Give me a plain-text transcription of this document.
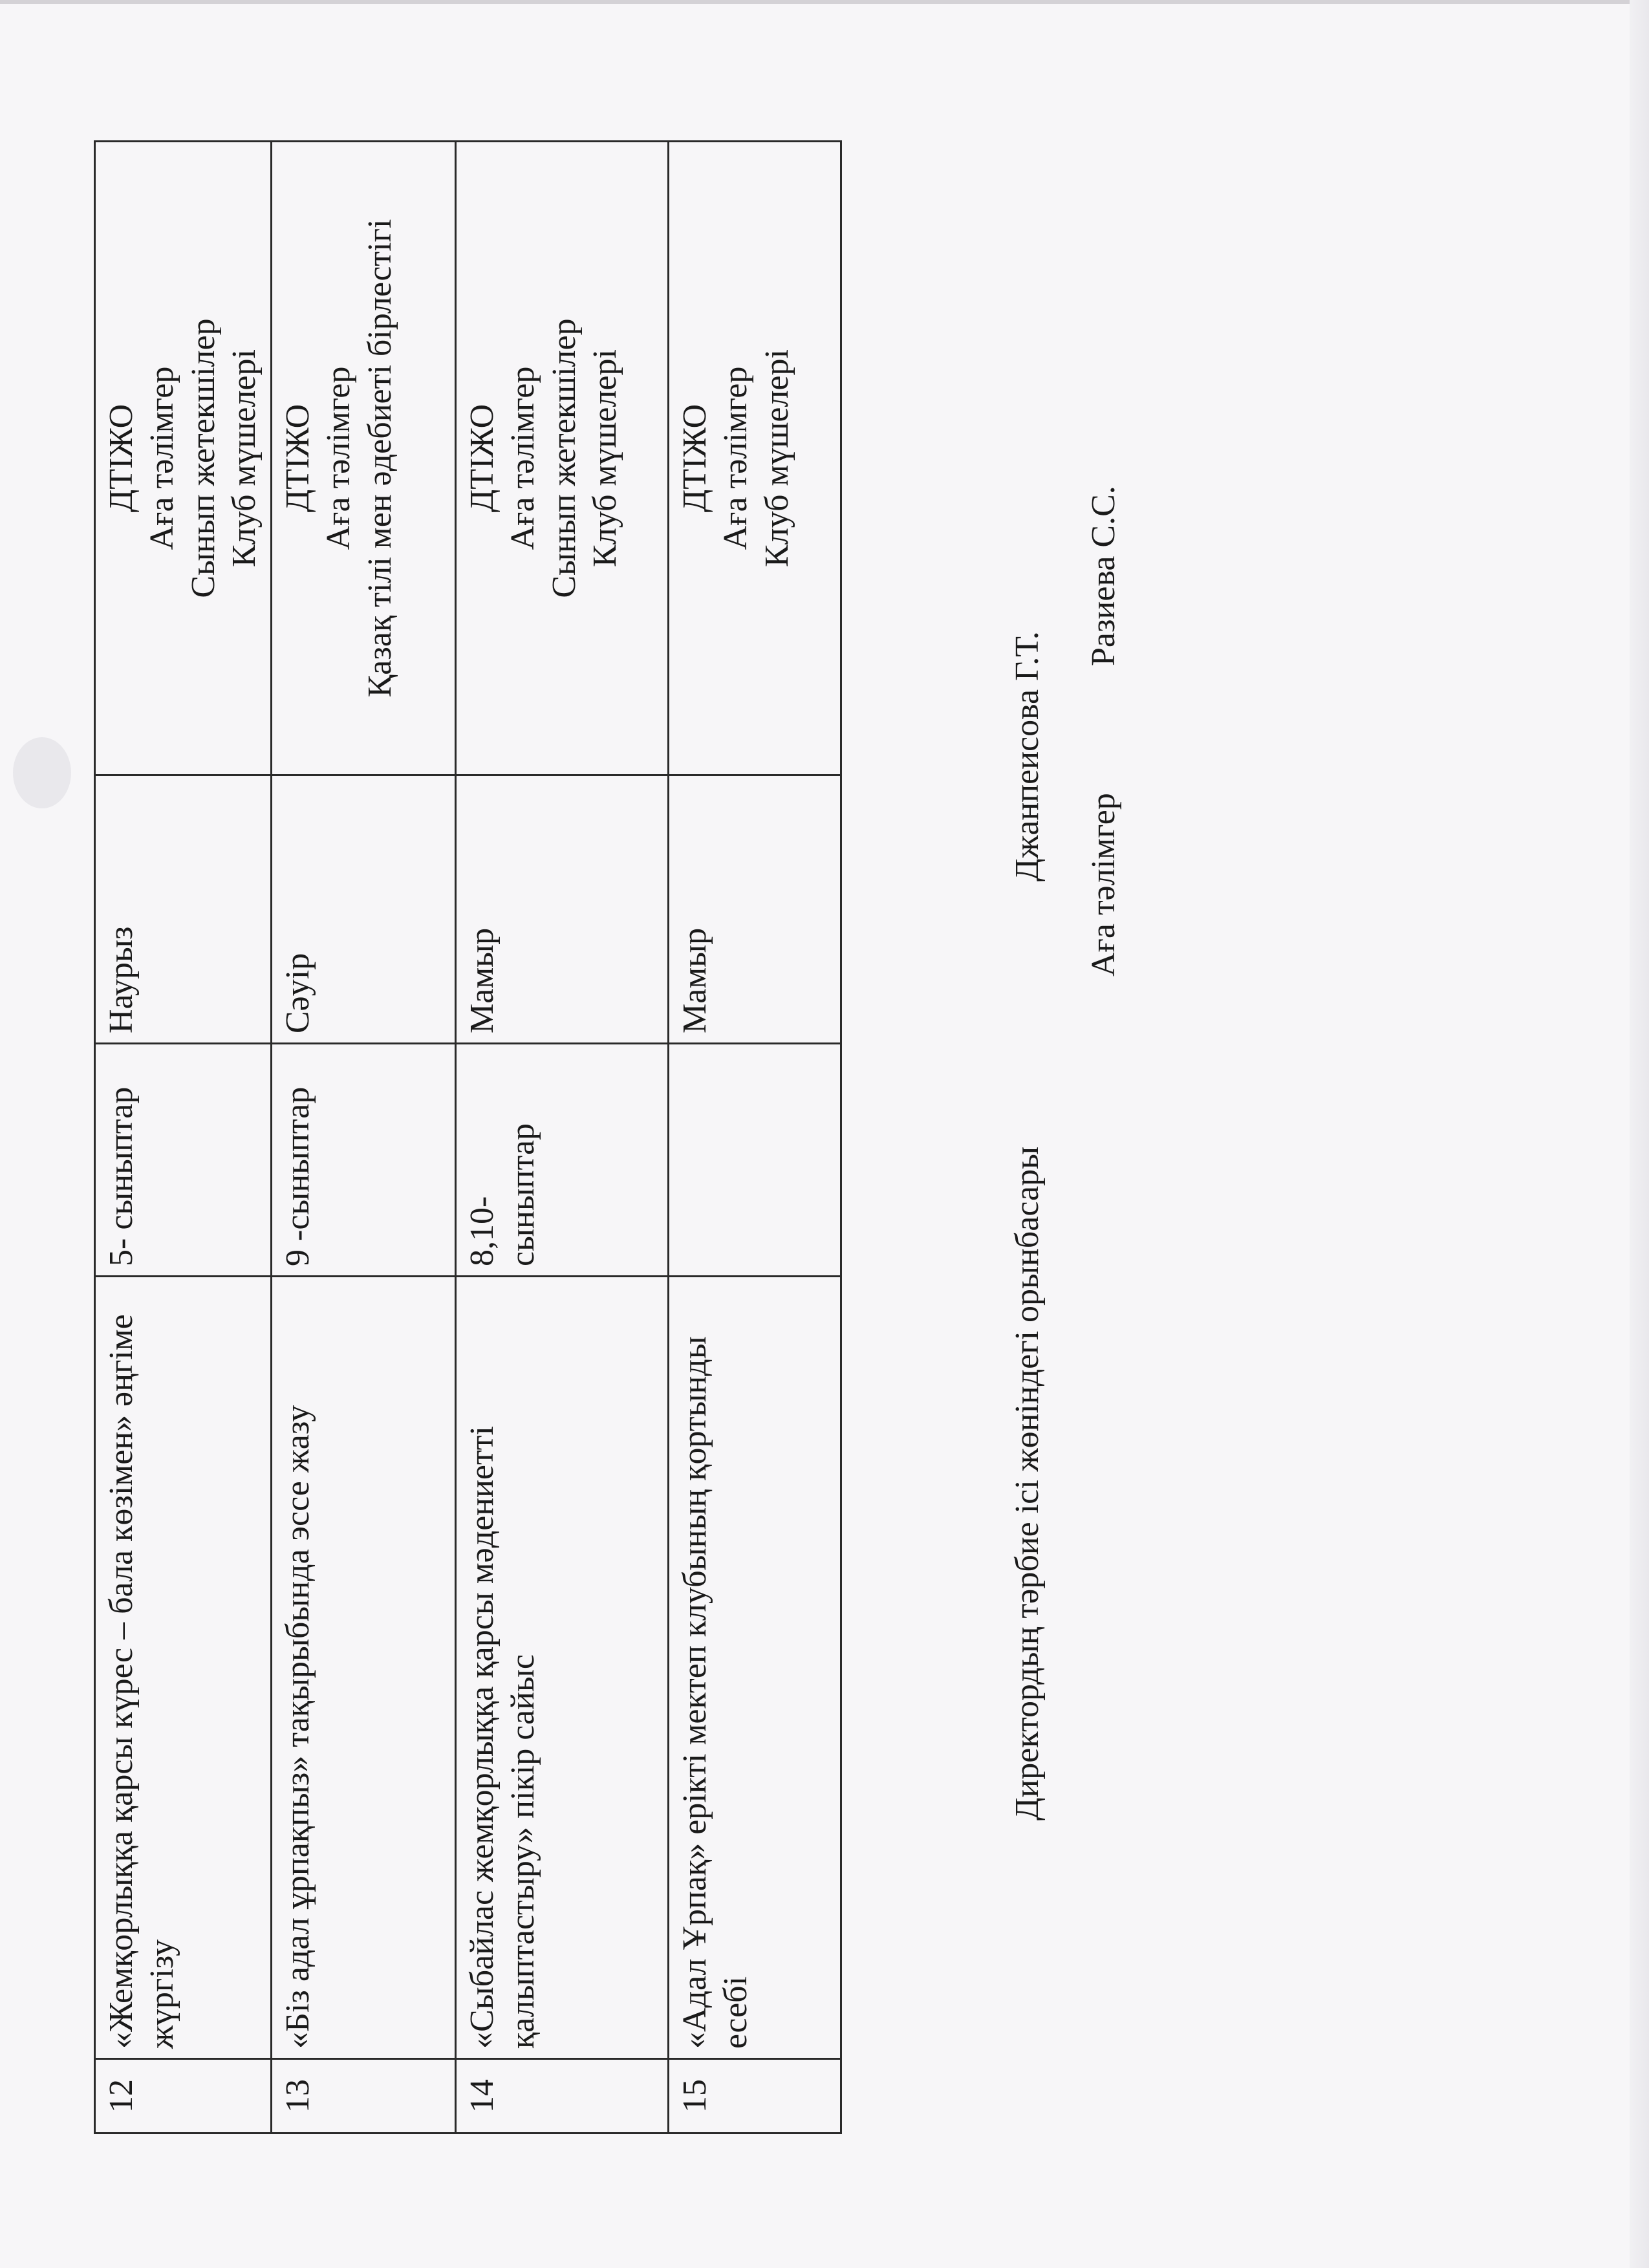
12	«Жемқорлыққа қарсы күрес – бала көзімен» әңгіме жүргізу	5- сыныптар	Наурыз	ДТІЖО Аға тәлімгер Сынып жетекшілер Клуб мүшелері

13	«Біз адал ұрпақпыз» тақырыбында эссе жазу	9 -сыныптар	Сәуір	ДТІЖО Аға тәлімгер Қазақ тілі мен әдебиеті бірлестігі

14	«Сыбайлас жемқорлыққа қарсы мәдениетті қалыптастыру» пікір сайыс	8,10- сыныптар	Мамыр	ДТІЖО Аға тәлімгер Сынып жетекшілер Клуб мүшелері

15	«Адал Ұрпақ» ерікті мектеп клубының қортынды есебі		Мамыр	ДТІЖО Аға тәлімгер Клуб мүшелері
Директордың тәрбие ісі жөніндегі орынбасары
Джанпеисова Г.Т.
Аға тәлімгер
Разиева С.С.
